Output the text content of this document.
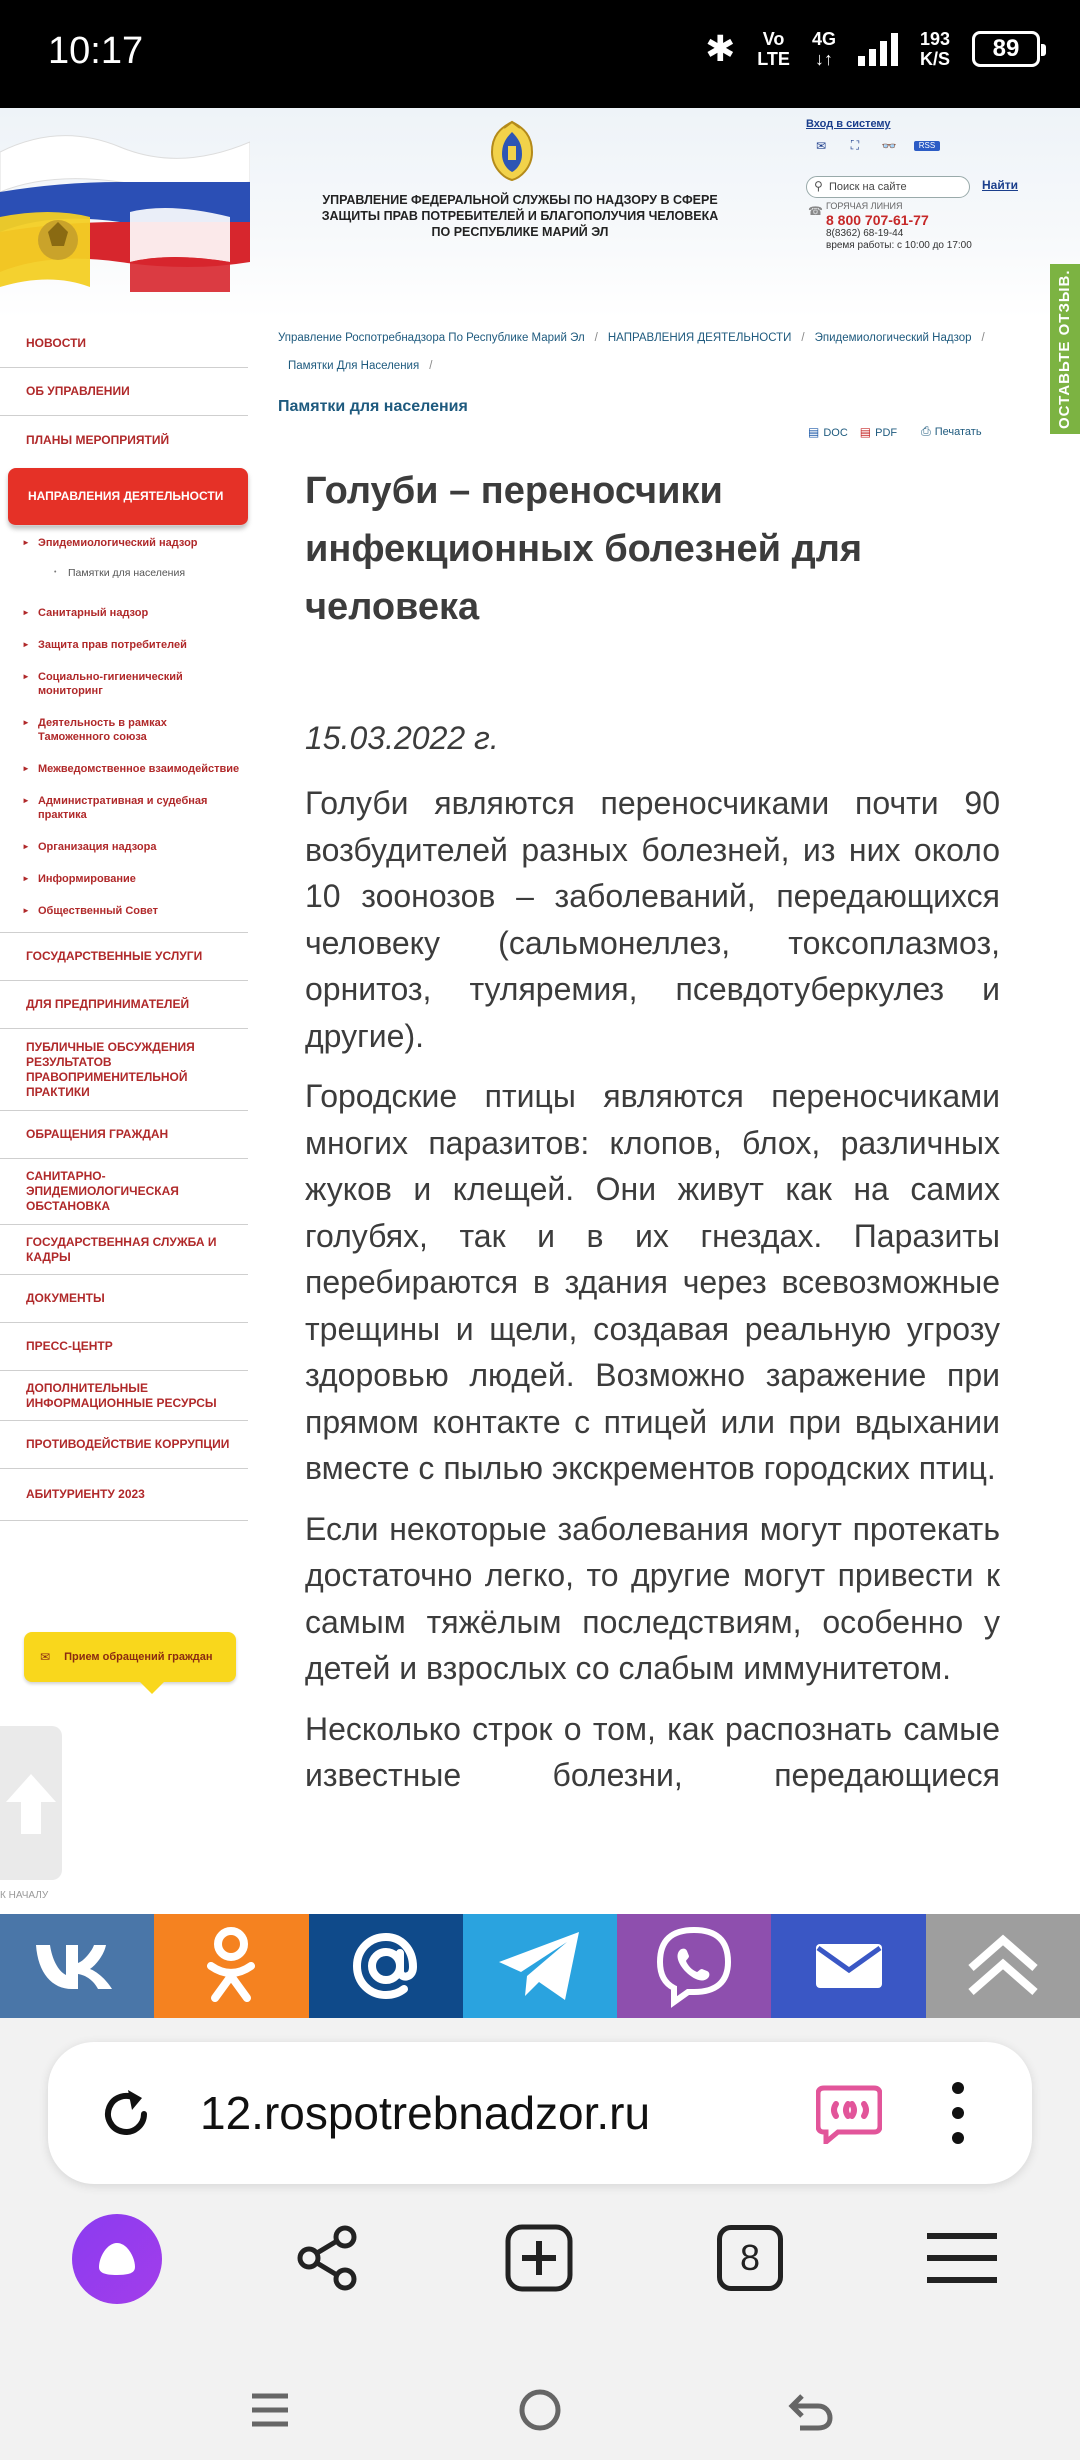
10:17	✱	Vo
LTE
4G
↓↑
193
K/S	89
УПРАВЛЕНИЕ ФЕДЕРАЛЬНОЙ СЛУЖБЫ ПО НАДЗОРУ В СФЕРЕ ЗАЩИТЫ ПРАВ ПОТРЕБИТЕЛЕЙ И БЛАГОПОЛУЧИЯ ЧЕЛОВЕКА ПО РЕСПУБЛИКЕ МАРИЙ ЭЛ
Вход в систему
✉	⛶	👓	RSS
Поиск на сайте
⚲	Найти
☎ ГОРЯЧАЯ ЛИНИЯ
8 800 707-61-77
8(8362) 68-19-44
время работы: с 10:00 до 17:00
ОСТАВЬТЕ ОТЗЫВ.
НОВОСТИ
ОБ УПРАВЛЕНИИ
ПЛАНЫ МЕРОПРИЯТИЙ
НАПРАВЛЕНИЯ ДЕЯТЕЛЬНОСТИ
► Эпидемиологический надзор
•	Памятки для населения
► Санитарный надзор
► Защита прав потребителей
► Социально-гигиенический мониторинг
► Деятельность в рамках Таможенного союза
► Межведомственное взаимодействие
► Административная и судебная практика
► Организация надзора
► Информирование
► Общественный Совет
ГОСУДАРСТВЕННЫЕ УСЛУГИ
ДЛЯ ПРЕДПРИНИМАТЕЛЕЙ
ПУБЛИЧНЫЕ ОБСУЖДЕНИЯ РЕЗУЛЬТАТОВ ПРАВОПРИМЕНИТЕЛЬНОЙ ПРАКТИКИ
ОБРАЩЕНИЯ ГРАЖДАН
САНИТАРНО-ЭПИДЕМИОЛОГИЧЕСКАЯ ОБСТАНОВКА
ГОСУДАРСТВЕННАЯ СЛУЖБА И КАДРЫ
ДОКУМЕНТЫ
ПРЕСС-ЦЕНТР
ДОПОЛНИТЕЛЬНЫЕ ИНФОРМАЦИОННЫЕ РЕСУРСЫ
ПРОТИВОДЕЙСТВИЕ КОРРУПЦИИ
АБИТУРИЕНТУ 2023
✉ Прием обращений граждан
К НАЧАЛУ
Управление Роспотребнадзора По Республике Марий Эл / НАПРАВЛЕНИЯ ДЕЯТЕЛЬНОСТИ / Эпидемиологический Надзор /
Памятки Для Населения /
Памятки для населения
▤ DOC ▤ PDF ⎙ Печатать
Голуби – переносчики инфекционных болезней для человека
15.03.2022 г.

Голуби являются переносчиками почти 90 возбудителей разных болезней, из них около 10 зоонозов – заболеваний, передающихся человеку (сальмонеллез, токсоплазмоз, орнитоз, туляремия, псевдотуберкулез и другие).

Городские птицы являются переносчиками многих паразитов: клопов, блох, различных жуков и клещей. Они живут как на самих голубях, так и в их гнездах. Паразиты перебираются в здания через всевозможные трещины и щели, создавая реальную угрозу здоровью людей. Возможно заражение при прямом контакте с птицей или при вдыхании вместе с пылью экскрементов городских птиц.

Если некоторые заболевания могут протекать достаточно легко, то другие могут привести к самым тяжёлым последствиям, особенно у детей и взрослых со слабым иммунитетом.

Несколько строк о том, как распознать самые известные болезни, передающиеся

12.rospotrebnadzor.ru
8
